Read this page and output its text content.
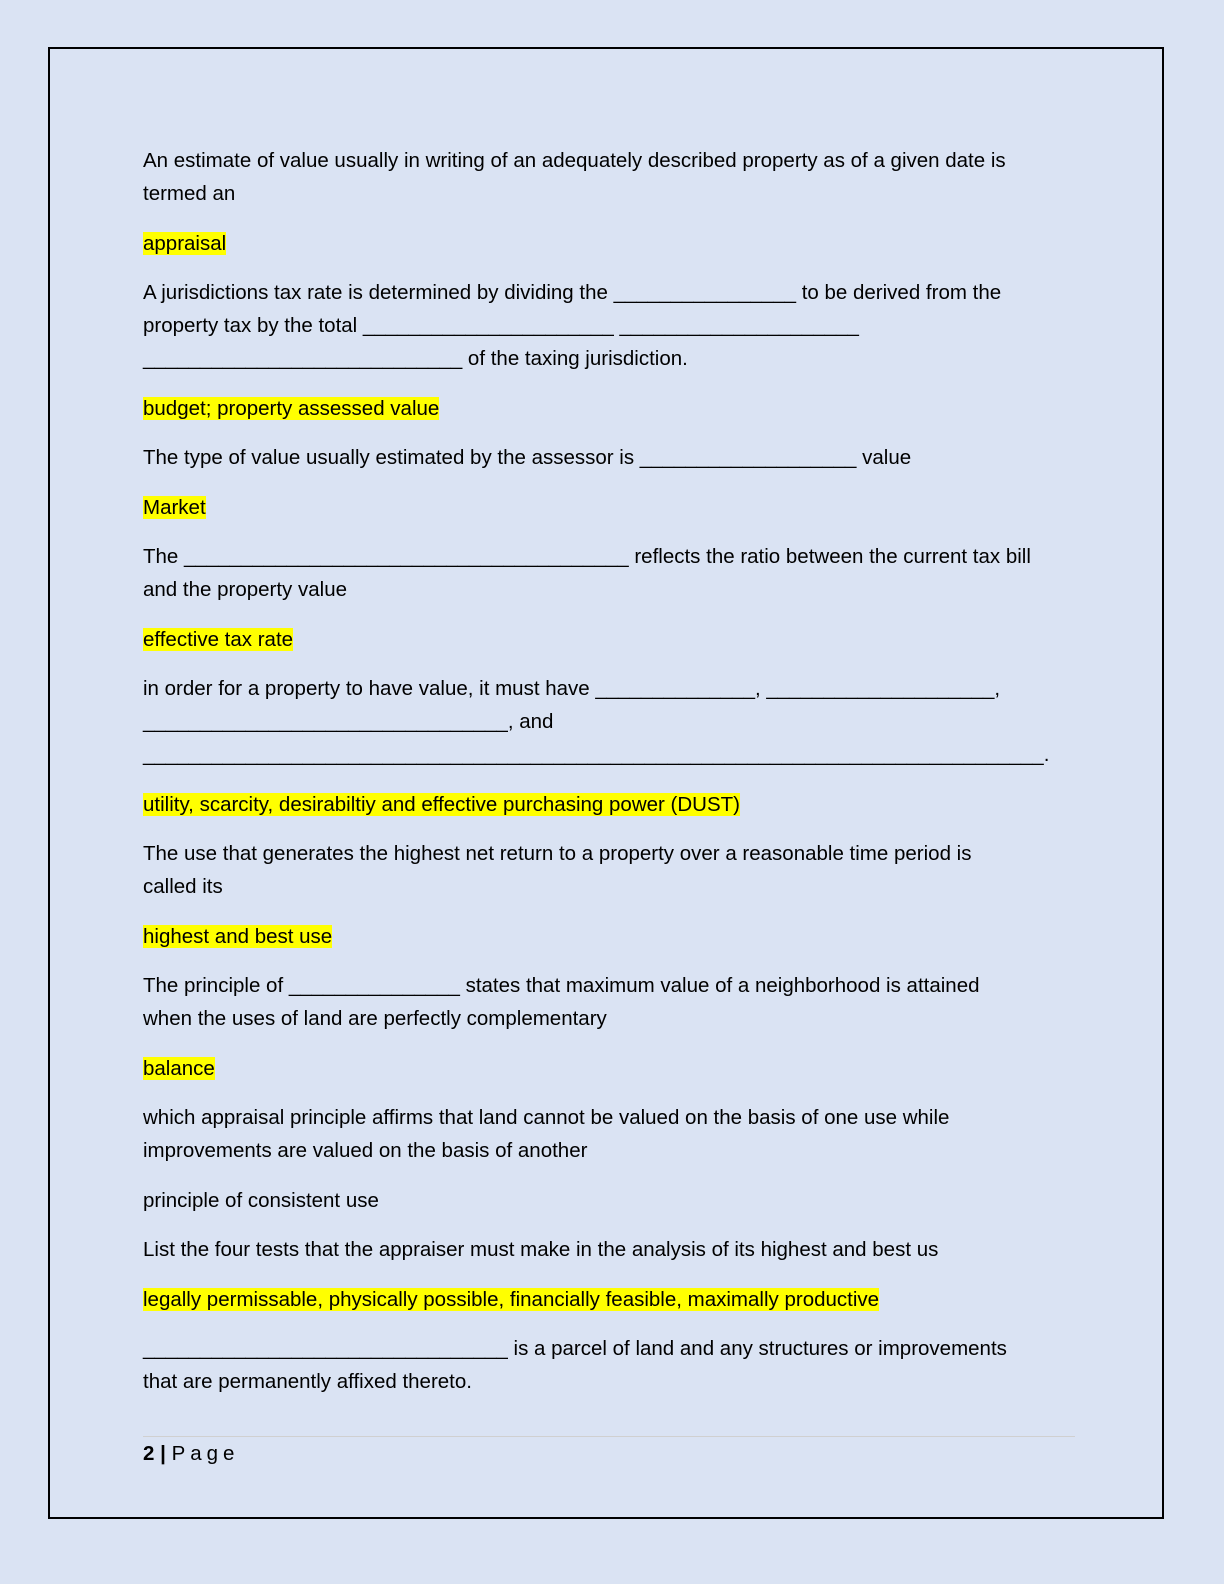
An estimate of value usually in writing of an adequately described property as of a given date is
termed an
appraisal
A jurisdictions tax rate is determined by dividing the ________________ to be derived from the
property tax by the total ______________________ _____________________
____________________________ of the taxing jurisdiction.
budget; property assessed value
The type of value usually estimated by the assessor is ___________________ value
Market
The _______________________________________ reflects the ratio between the current tax bill
and the property value
effective tax rate
in order for a property to have value, it must have ______________, ____________________,
________________________________, and
_______________________________________________________________________________.
utility, scarcity, desirabiltiy and effective purchasing power (DUST)
The use that generates the highest net return to a property over a reasonable time period is
called its
highest and best use
The principle of _______________ states that maximum value of a neighborhood is attained
when the uses of land are perfectly complementary
balance
which appraisal principle affirms that land cannot be valued on the basis of one use while
improvements are valued on the basis of another
principle of consistent use
List the four tests that the appraiser must make in the analysis of its highest and best us
legally permissable, physically possible, financially feasible, maximally productive
________________________________ is a parcel of land and any structures or improvements
that are permanently affixed thereto.
2 | Page
